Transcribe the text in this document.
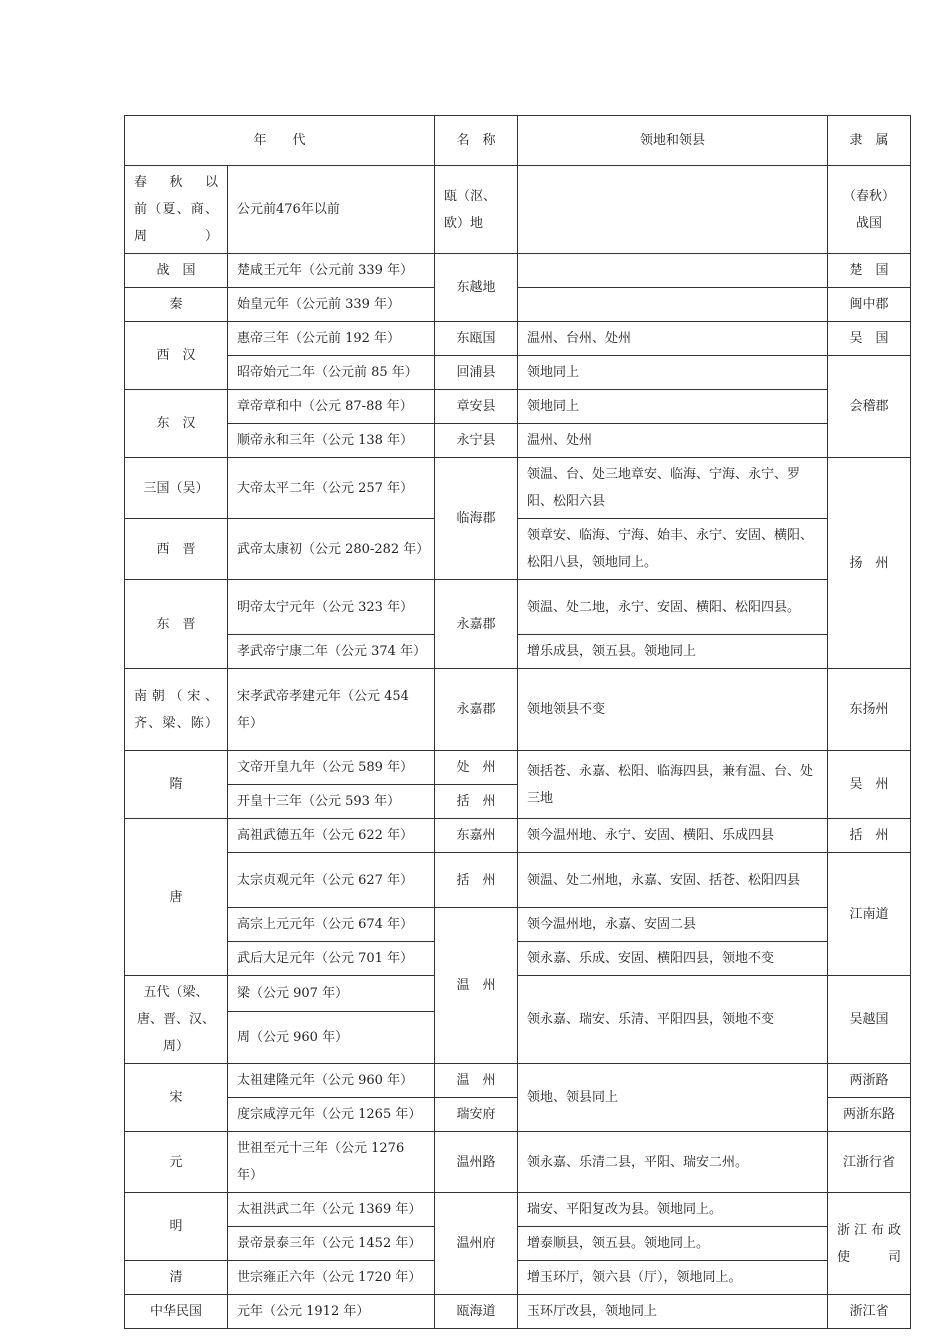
年　　代		名　称	领地和领县	隶　属
春　秋　以　前（夏、商、周）	公元前476年以前	瓯（沤、欧）地		（春秋）战国
战　国	楚咸王元年（公元前 339 年）	东越地		楚　国
秦	始皇元年（公元前 339 年）			闽中郡
西　汉	惠帝三年（公元前 192 年）	东瓯国	温州、台州、处州	吴　国
	昭帝始元二年（公元前 85 年）	回浦县	领地同上	会稽郡
东　汉	章帝章和中（公元 87-88 年）	章安县	领地同上	
	顺帝永和三年（公元 138 年）	永宁县	温州、处州	
三国（吴）	大帝太平二年（公元 257 年）	临海郡	领温、台、处三地章安、临海、宁海、永宁、罗阳、松阳六县	扬　州
西　晋	武帝太康初（公元 280-282 年）		领章安、临海、宁海、始丰、永宁、安固、横阳、松阳八县，领地同上。	
东　晋	明帝太宁元年（公元 323 年）	永嘉郡	领温、处二地，永宁、安固、横阳、松阳四县。	
	孝武帝宁康二年（公元 374 年）		增乐成县，领五县。领地同上	
南朝（宋、齐、梁、陈）	宋孝武帝孝建元年（公元 454 年）	永嘉郡	领地领县不变	东扬州
隋	文帝开皇九年（公元 589 年）	处　州	领括苍、永嘉、松阳、临海四县，兼有温、台、处三地	吴　州
	开皇十三年（公元 593 年）	括　州		
唐	高祖武德五年（公元 622 年）	东嘉州	领今温州地、永宁、安固、横阳、乐成四县	括　州
	太宗贞观元年（公元 627 年）	括　州	领温、处二州地，永嘉、安固、括苍、松阳四县	江南道
	高宗上元元年（公元 674 年）	温　州	领今温州地，永嘉、安固二县	
	武后大足元年（公元 701 年）		领永嘉、乐成、安固、横阳四县，领地不变	
五代（梁、唐、晋、汉、周）	梁（公元 907 年）		领永嘉、瑞安、乐清、平阳四县，领地不变	吴越国
	周（公元 960 年）			
宋	太祖建隆元年（公元 960 年）	温　州	领地、领县同上	两浙路
	度宗咸淳元年（公元 1265 年）	瑞安府		两浙东路
元	世祖至元十三年（公元 1276 年）	温州路	领永嘉、乐清二县，平阳、瑞安二州。	江浙行省
明	太祖洪武二年（公元 1369 年）	温州府	瑞安、平阳复改为县。领地同上。	浙江布政使司
	景帝景泰三年（公元 1452 年）		增泰顺县，领五县。领地同上。	
清	世宗雍正六年（公元 1720 年）		增玉环厅，领六县（厅），领地同上。	
中华民国	元年（公元 1912 年）	瓯海道	玉环厅改县，领地同上	浙江省
